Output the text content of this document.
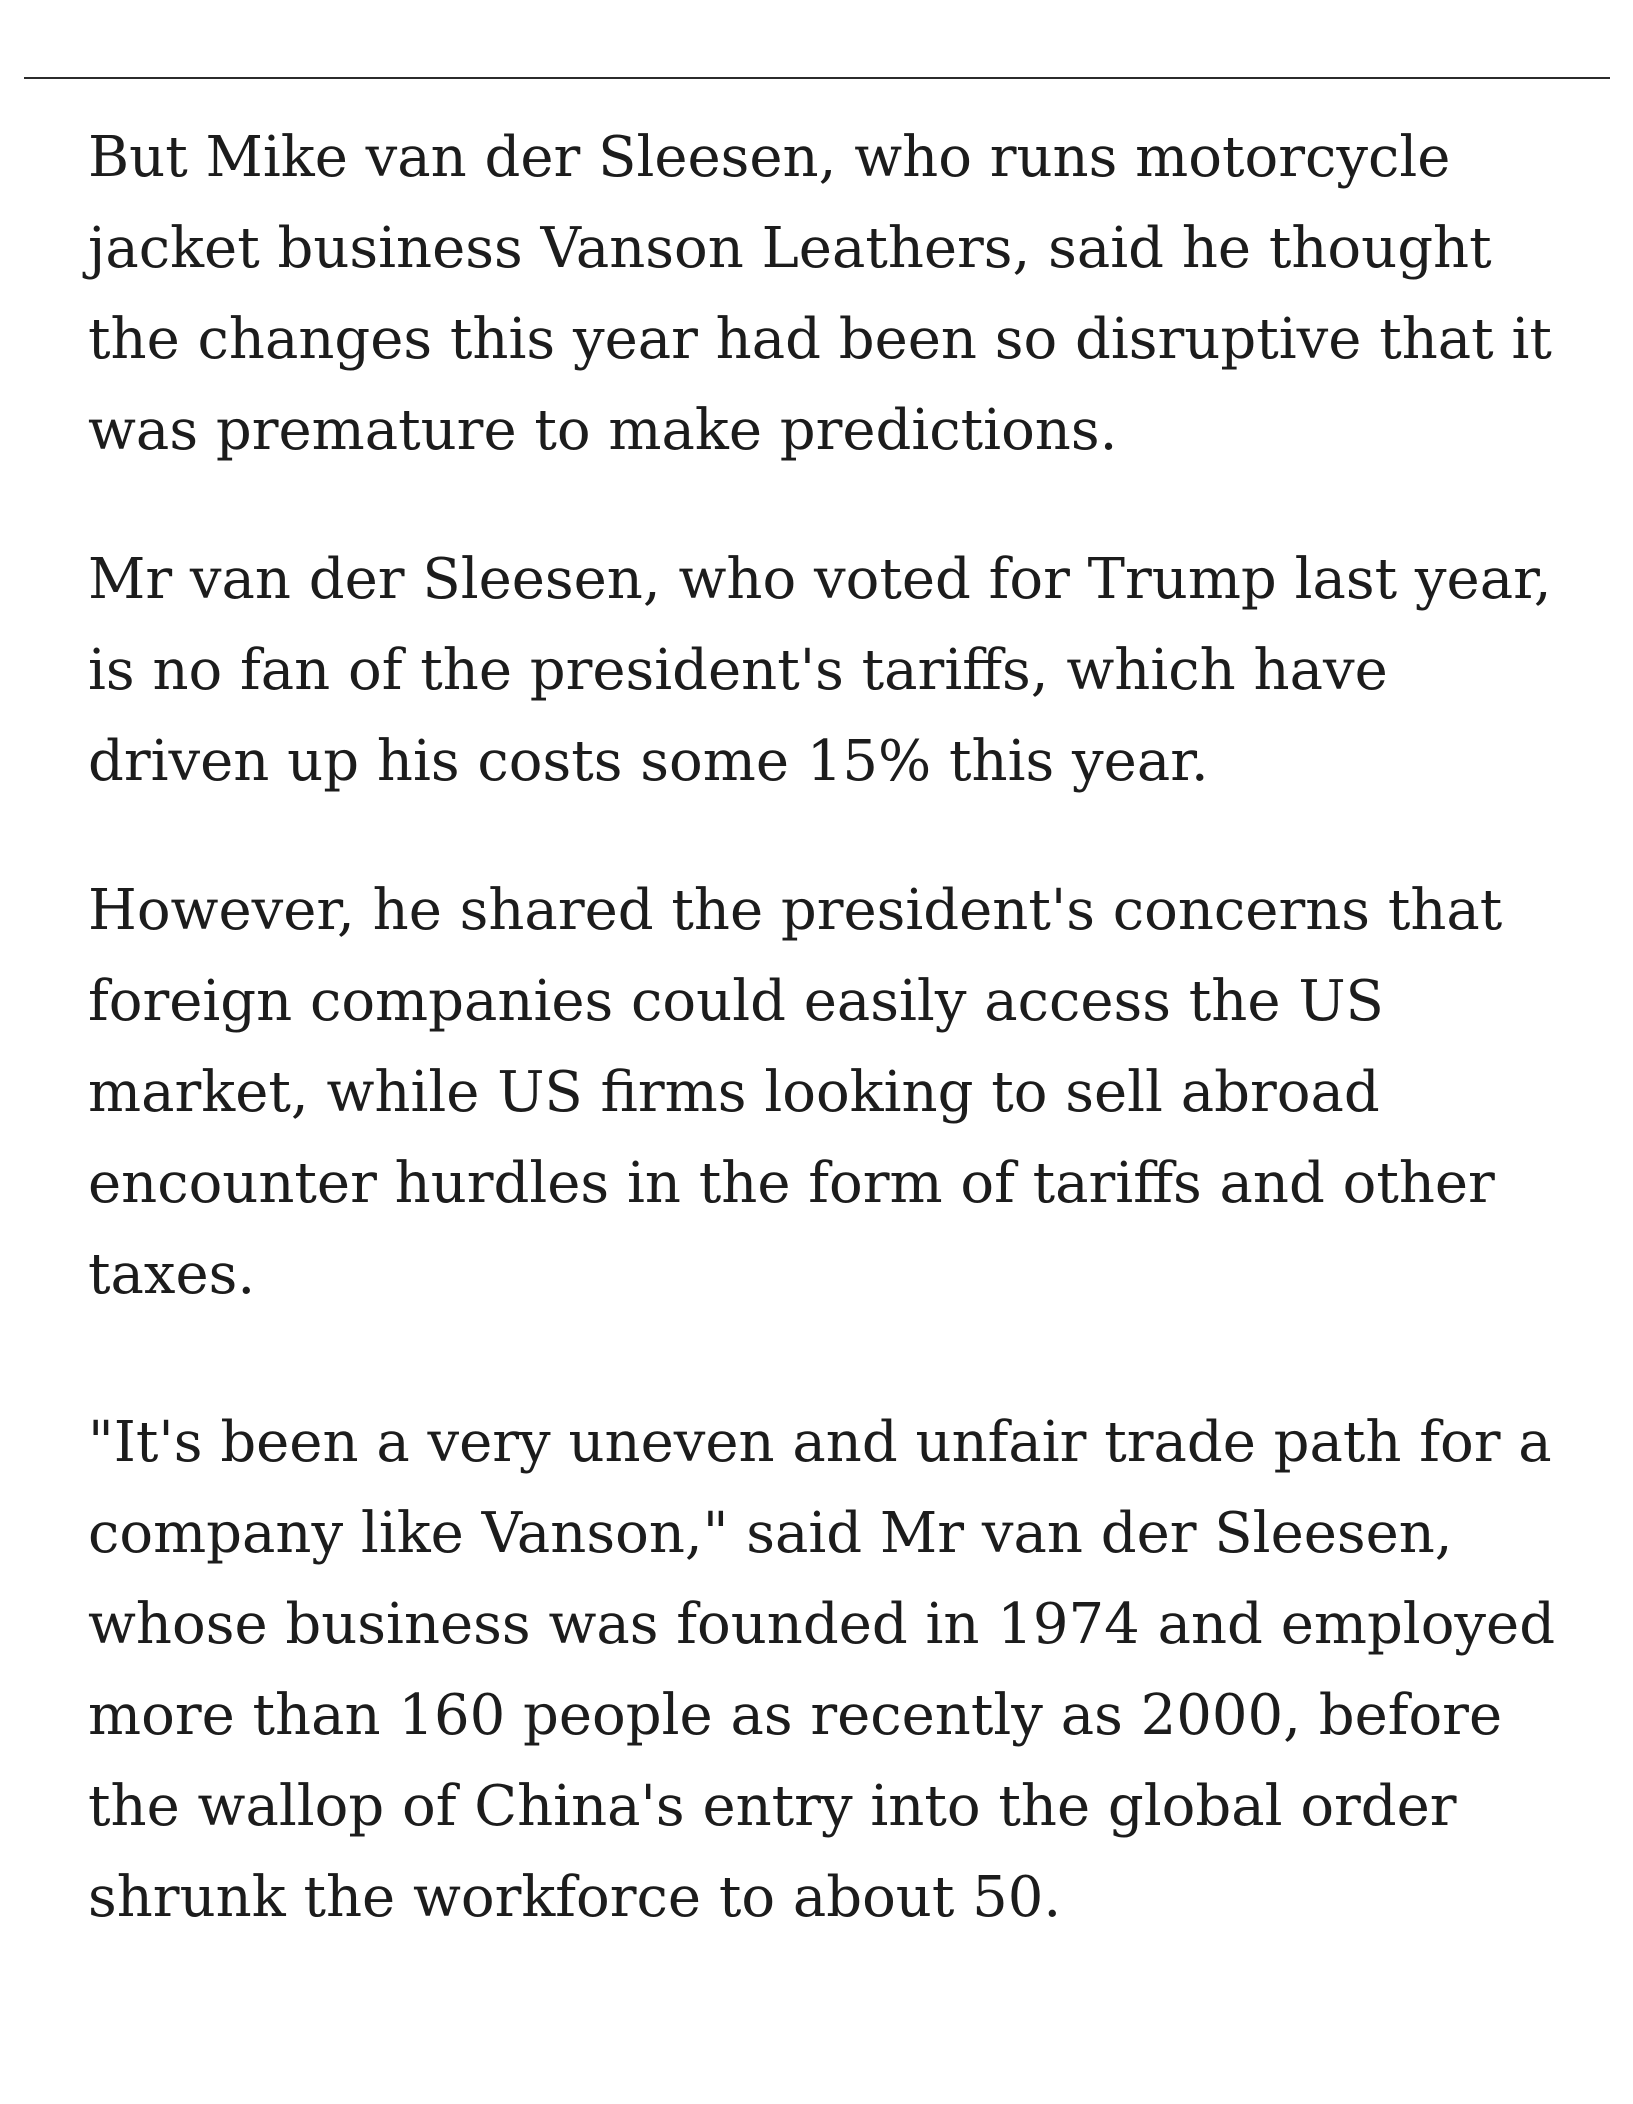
But Mike van der Sleesen, who runs motorcycle jacket business Vanson Leathers, said he thought the changes this year had been so disruptive that it was premature to make predictions.

Mr van der Sleesen, who voted for Trump last year, is no fan of the president's tariffs, which have driven up his costs some 15% this year.

However, he shared the president's concerns that foreign companies could easily access the US market, while US firms looking to sell abroad encounter hurdles in the form of tariffs and other taxes.

"It's been a very uneven and unfair trade path for a company like Vanson," said Mr van der Sleesen, whose business was founded in 1974 and employed more than 160 people as recently as 2000, before the wallop of China's entry into the global order shrunk the workforce to about 50.
